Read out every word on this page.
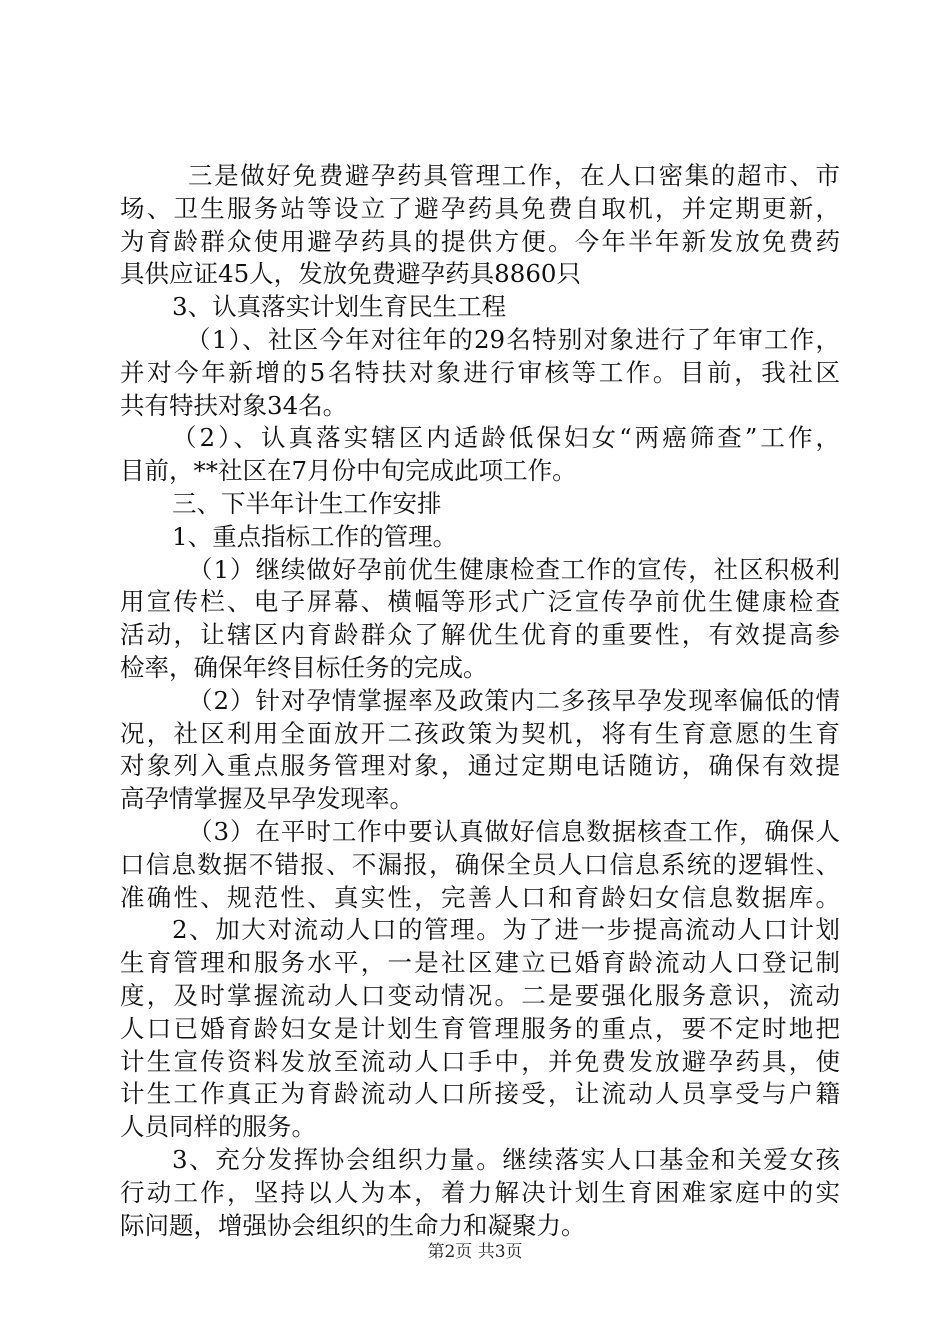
三是做好免费避孕药具管理工作，在人口密集的超市、市
场、卫生服务站等设立了避孕药具免费自取机，并定期更新，
为育龄群众使用避孕药具的提供方便。今年半年新发放免费药
具供应证45人，发放免费避孕药具8860只
3、认真落实计划生育民生工程
（1）、社区今年对往年的29名特别对象进行了年审工作，
并对今年新增的5名特扶对象进行审核等工作。目前，我社区
共有特扶对象34名。
（2）、认真落实辖区内适龄低保妇女“两癌筛查”工作，
目前，**社区在7月份中旬完成此项工作。
三、下半年计生工作安排
1、重点指标工作的管理。
（1）继续做好孕前优生健康检查工作的宣传，社区积极利
用宣传栏、电子屏幕、横幅等形式广泛宣传孕前优生健康检查
活动，让辖区内育龄群众了解优生优育的重要性，有效提高参
检率，确保年终目标任务的完成。
（2）针对孕情掌握率及政策内二多孩早孕发现率偏低的情
况，社区利用全面放开二孩政策为契机，将有生育意愿的生育
对象列入重点服务管理对象，通过定期电话随访，确保有效提
高孕情掌握及早孕发现率。
（3）在平时工作中要认真做好信息数据核查工作，确保人
口信息数据不错报、不漏报，确保全员人口信息系统的逻辑性、
准确性、规范性、真实性，完善人口和育龄妇女信息数据库。
2、加大对流动人口的管理。为了进一步提高流动人口计划
生育管理和服务水平，一是社区建立已婚育龄流动人口登记制
度，及时掌握流动人口变动情况。二是要强化服务意识，流动
人口已婚育龄妇女是计划生育管理服务的重点，要不定时地把
计生宣传资料发放至流动人口手中，并免费发放避孕药具，使
计生工作真正为育龄流动人口所接受，让流动人员享受与户籍
人员同样的服务。
3、充分发挥协会组织力量。继续落实人口基金和关爱女孩
行动工作，坚持以人为本，着力解决计划生育困难家庭中的实
际问题，增强协会组织的生命力和凝聚力。
第2页 共3页
